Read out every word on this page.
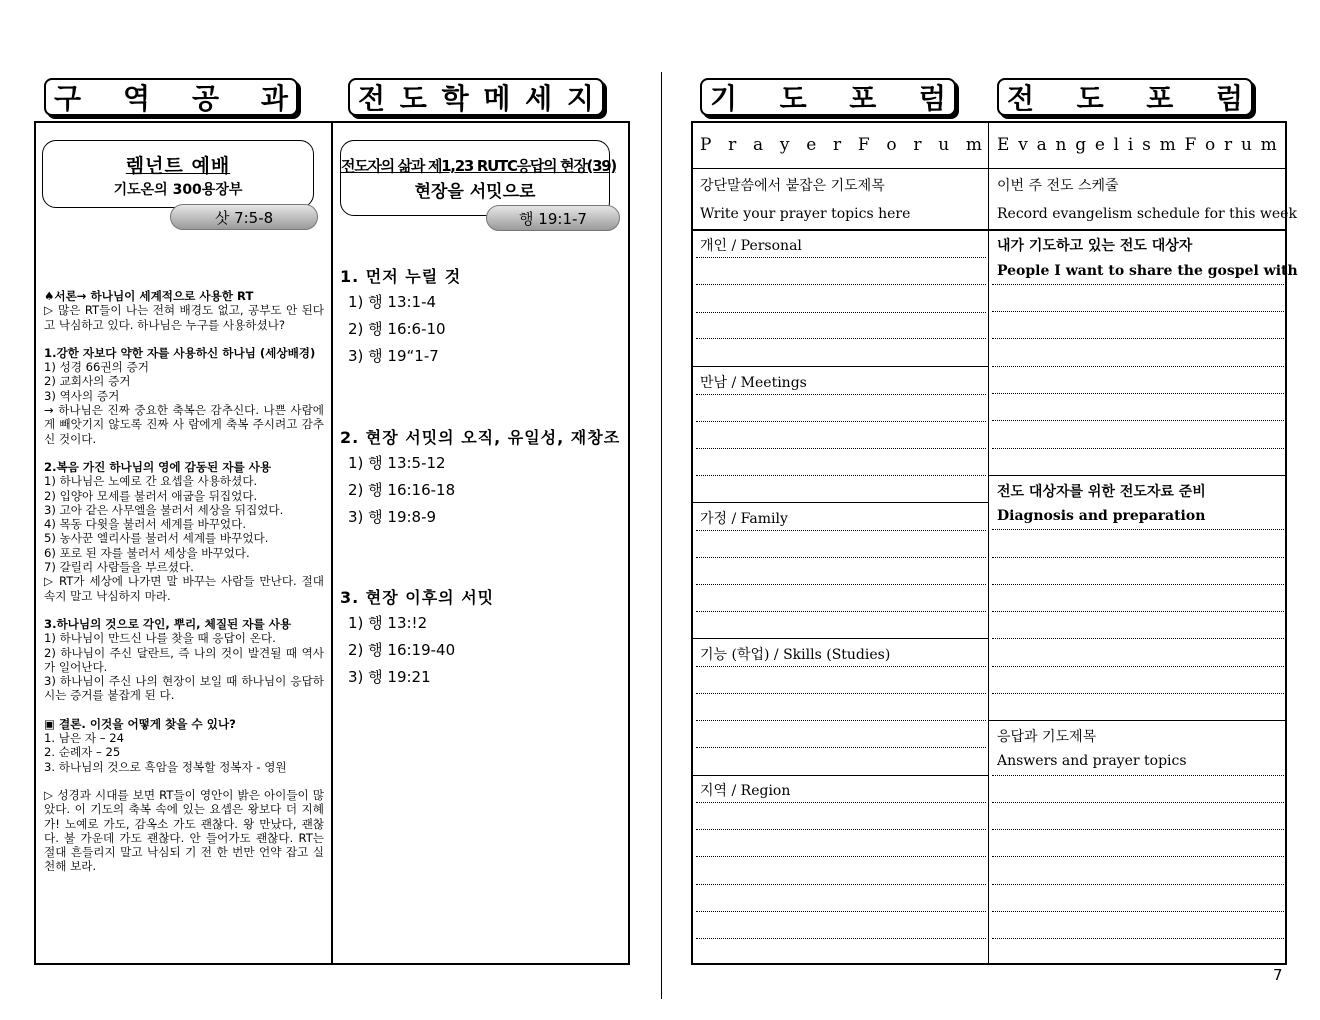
구 역 공 과	전 도 학 메 세 지
렘넌트 예배
기도온의 300용장부
삿 7:5-8

♠서론→ 하나님이 세계적으로 사용한 RT

▷ 많은 RT들이 나는 전혀 배경도 없고, 공부도 안 된다고 낙심하고 있다. 하나님은 누구를 사용하셨나?

1.강한 자보다 약한 자를 사용하신 하나님 (세상배경)

1) 성경 66권의 증거

2) 교회사의 증거

3) 역사의 증거

→ 하나님은 진짜 중요한 축복은 감추신다. 나쁜 사람에게 빼앗기지 않도록 진짜 사 람에게 축복 주시려고 감추신 것이다.

2.복음 가진 하나님의 영에 감동된 자를 사용

1) 하나님은 노예로 간 요셉을 사용하셨다.

2) 입양아 모세를 불러서 애굽을 뒤집었다.

3) 고아 같은 사무엘을 불러서 세상을 뒤집었다.

4) 목동 다윗을 불러서 세계를 바꾸었다.

5) 농사꾼 엘리사를 불러서 세계를 바꾸었다.

6) 포로 된 자를 불러서 세상을 바꾸었다.

7) 갈릴리 사람들을 부르셨다.

▷ RT가 세상에 나가면 말 바꾸는 사람들 만난다. 절대 속지 말고 낙심하지 마라.

3.하나님의 것으로 각인, 뿌리, 체질된 자를 사용

1) 하나님이 만드신 나를 찾을 때 응답이 온다.

2) 하나님이 주신 달란트, 즉 나의 것이 발견될 때 역사가 일어난다.

3) 하나님이 주신 나의 현장이 보일 때 하나님이 응답하시는 증거를 붙잡게 된 다.

▣ 결론. 이것을 어떻게 찾을 수 있나?

1. 남은 자 – 24

2. 순례자 – 25

3. 하나님의 것으로 흑암을 정복할 정복자 - 영원

▷ 성경과 시대를 보면 RT들이 영안이 밝은 아이들이 많았다. 이 기도의 축복 속에 있는 요셉은 왕보다 더 지혜가! 노예로 가도, 감옥소 가도 괜찮다. 왕 만났다, 괜찮 다. 불 가운데 가도 괜찮다. 안 들어가도 괜찮다. RT는 절대 흔들리지 말고 낙심되 기 전 한 번만 언약 잡고 실천해 보라.

전도자의 삶과 제1,23 RUTC응답의 현장(39)
현장을 서밋으로
행 19:1-7
1. 먼저 누릴 것
1) 행 13:1-4
2) 행 16:6-10
3) 행 19“1-7
2. 현장 서밋의 오직, 유일성, 재창조
1) 행 13:5-12
2) 행 16:16-18
3) 행 19:8-9
3. 현장 이후의 서밋
1) 행 13:!2
2) 행 16:19-40
3) 행 19:21
기 도 포 럼 전 도 포 럼
P r a y e r F o r u m E v a n g e l i s m F o r u m
강단말씀에서 붙잡은 기도제목
Write your prayer topics here
이번 주 전도 스케줄
Record evangelism schedule for this week
개인 / Personal
만남 / Meetings
가정 / Family
기능 (학업) / Skills (Studies)
지역 / Region
내가 기도하고 있는 전도 대상자
People I want to share the gospel with
전도 대상자를 위한 전도자료 준비
Diagnosis and preparation
응답과 기도제목
Answers and prayer topics
7
